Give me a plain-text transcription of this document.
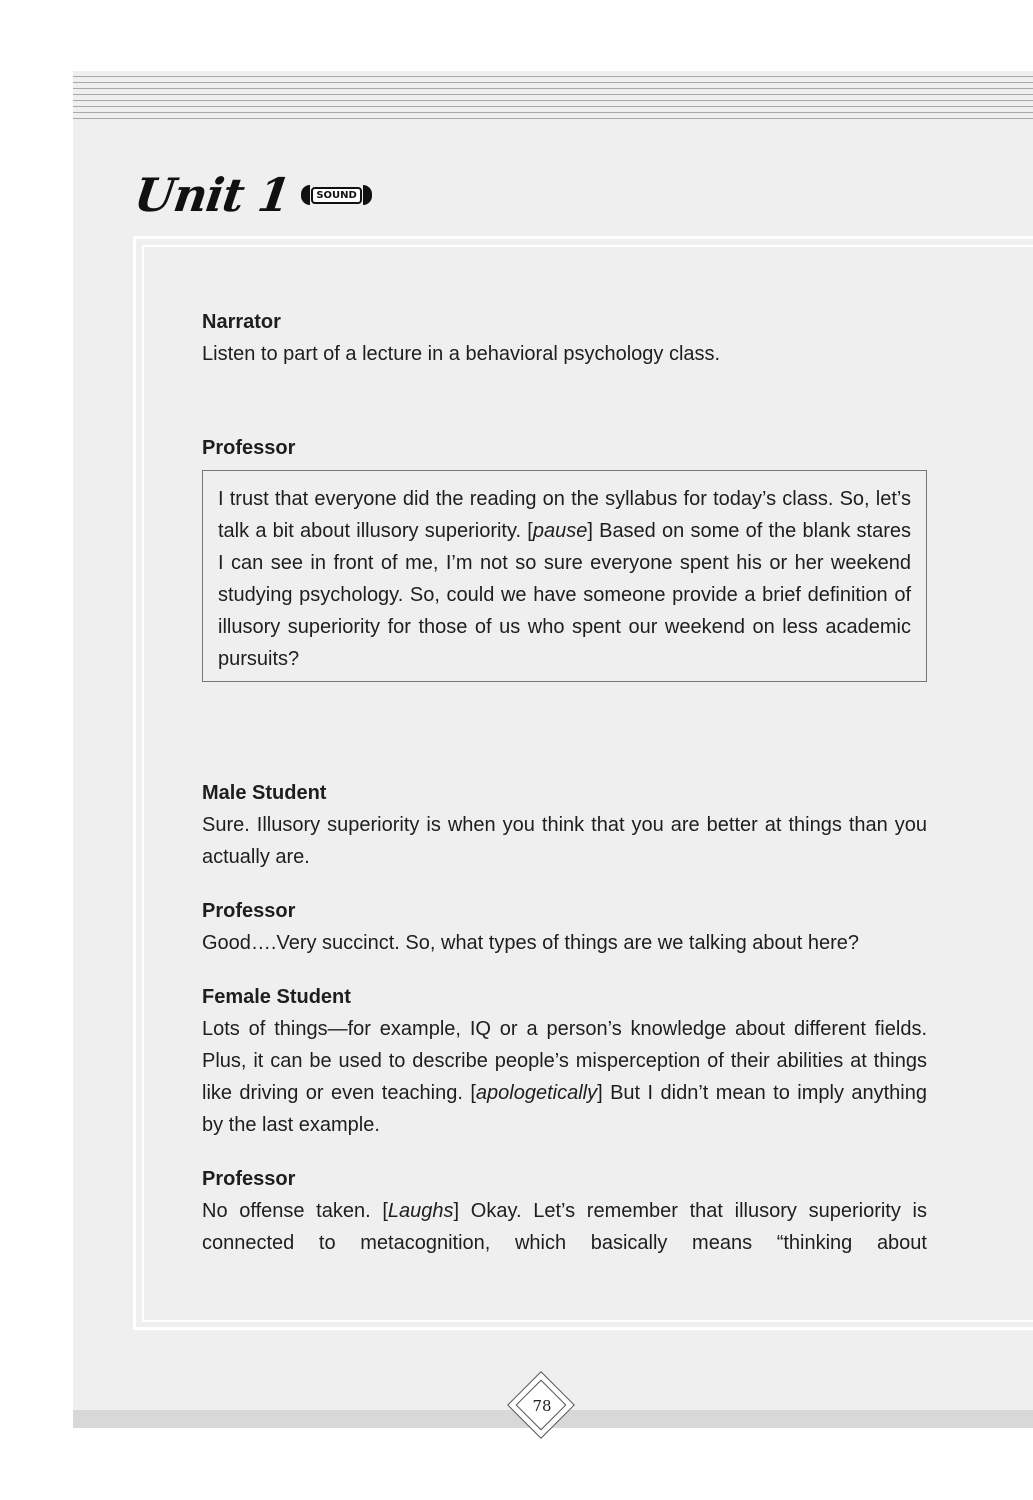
Unit 1	SOUND

Narrator

Listen to part of a lecture in a behavioral psychology class.

Professor

I trust that everyone did the reading on the syllabus for today’s class. So, let’s talk a bit about illusory superiority. [pause] Based on some of the blank stares I can see in front of me, I’m not so sure everyone spent his or her weekend studying psychology. So, could we have someone provide a brief definition of illusory superiority for those of us who spent our weekend on less academic pursuits?

Male Student

Sure. Illusory superiority is when you think that you are better at things than you actually are.

Professor

Good….Very succinct. So, what types of things are we talking about here?

Female Student

Lots of things—for example, IQ or a person’s knowledge about different fields. Plus, it can be used to describe people’s misperception of their abilities at things like driving or even teaching. [apologetically] But I didn’t mean to imply anything by the last example.

Professor

No offense taken. [Laughs] Okay. Let’s remember that illusory superiority is connected to metacognition, which basically means “thinking about

78
